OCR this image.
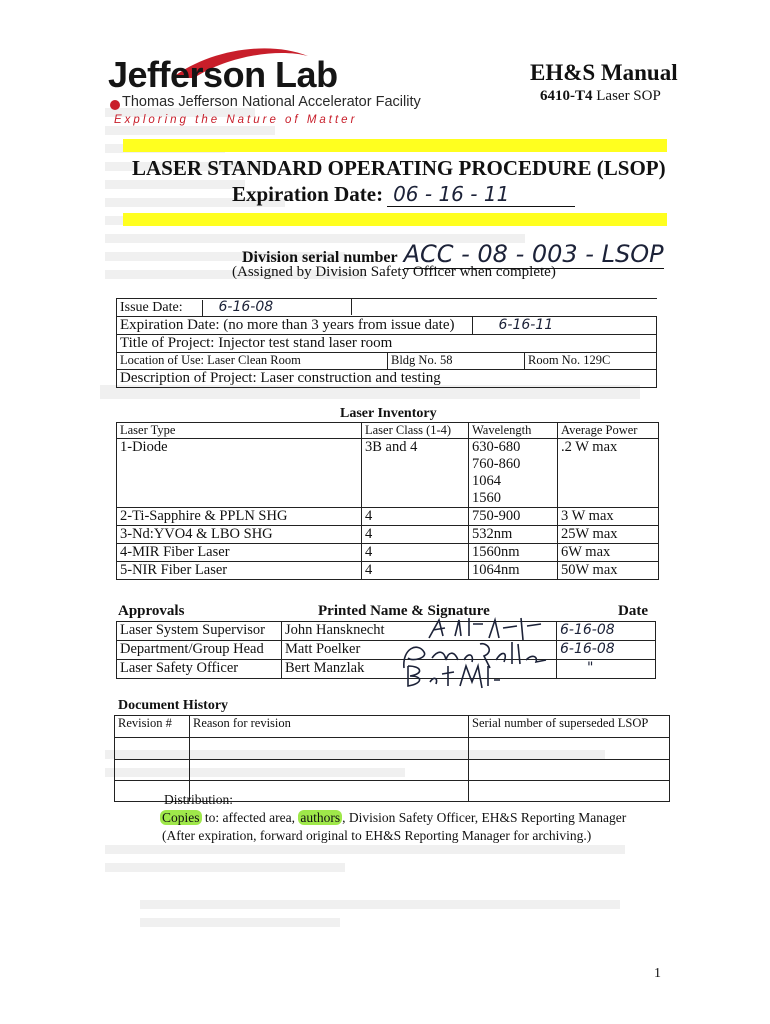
Jefferson Lab
Thomas Jefferson National Accelerator Facility
Exploring the Nature of Matter
EH&S Manual
6410-T4 Laser SOP
LASER STANDARD OPERATING PROCEDURE (LSOP)
Expiration Date: 06 - 16 - 11
Division serial number ACC - 08 - 003 - LSOP
(Assigned by Division Safety Officer when complete)
Issue Date:	6-16-08
Expiration Date: (no more than 3 years from issue date)	6-16-11
Title of Project: Injector test stand laser room
Location of Use: Laser Clean Room	Bldg No. 58	Room No. 129C
Description of Project: Laser construction and testing
Laser Inventory
Laser Type	Laser Class (1-4)	Wavelength	Average Power
1-Diode	3B and 4	630-680
760-860
1064
1560	.2 W max
2-Ti-Sapphire & PPLN SHG	4	750-900	3 W max
3-Nd:YVO4 & LBO SHG	4	532nm	25W max
4-MIR Fiber Laser	4	1560nm	6W max
5-NIR Fiber Laser	4	1064nm	50W max
Approvals	Printed Name & Signature	Date
Laser System Supervisor	John Hansknecht	6-16-08
Department/Group Head	Matt Poelker	6-16-08
Laser Safety Officer	Bert Manzlak	"
Document History
Revision #	Reason for revision	Serial number of superseded LSOP

Distribution:
Copies to: affected area, authors , Division Safety Officer, EH&S Reporting Manager
(After expiration, forward original to EH&S Reporting Manager for archiving.)
1
